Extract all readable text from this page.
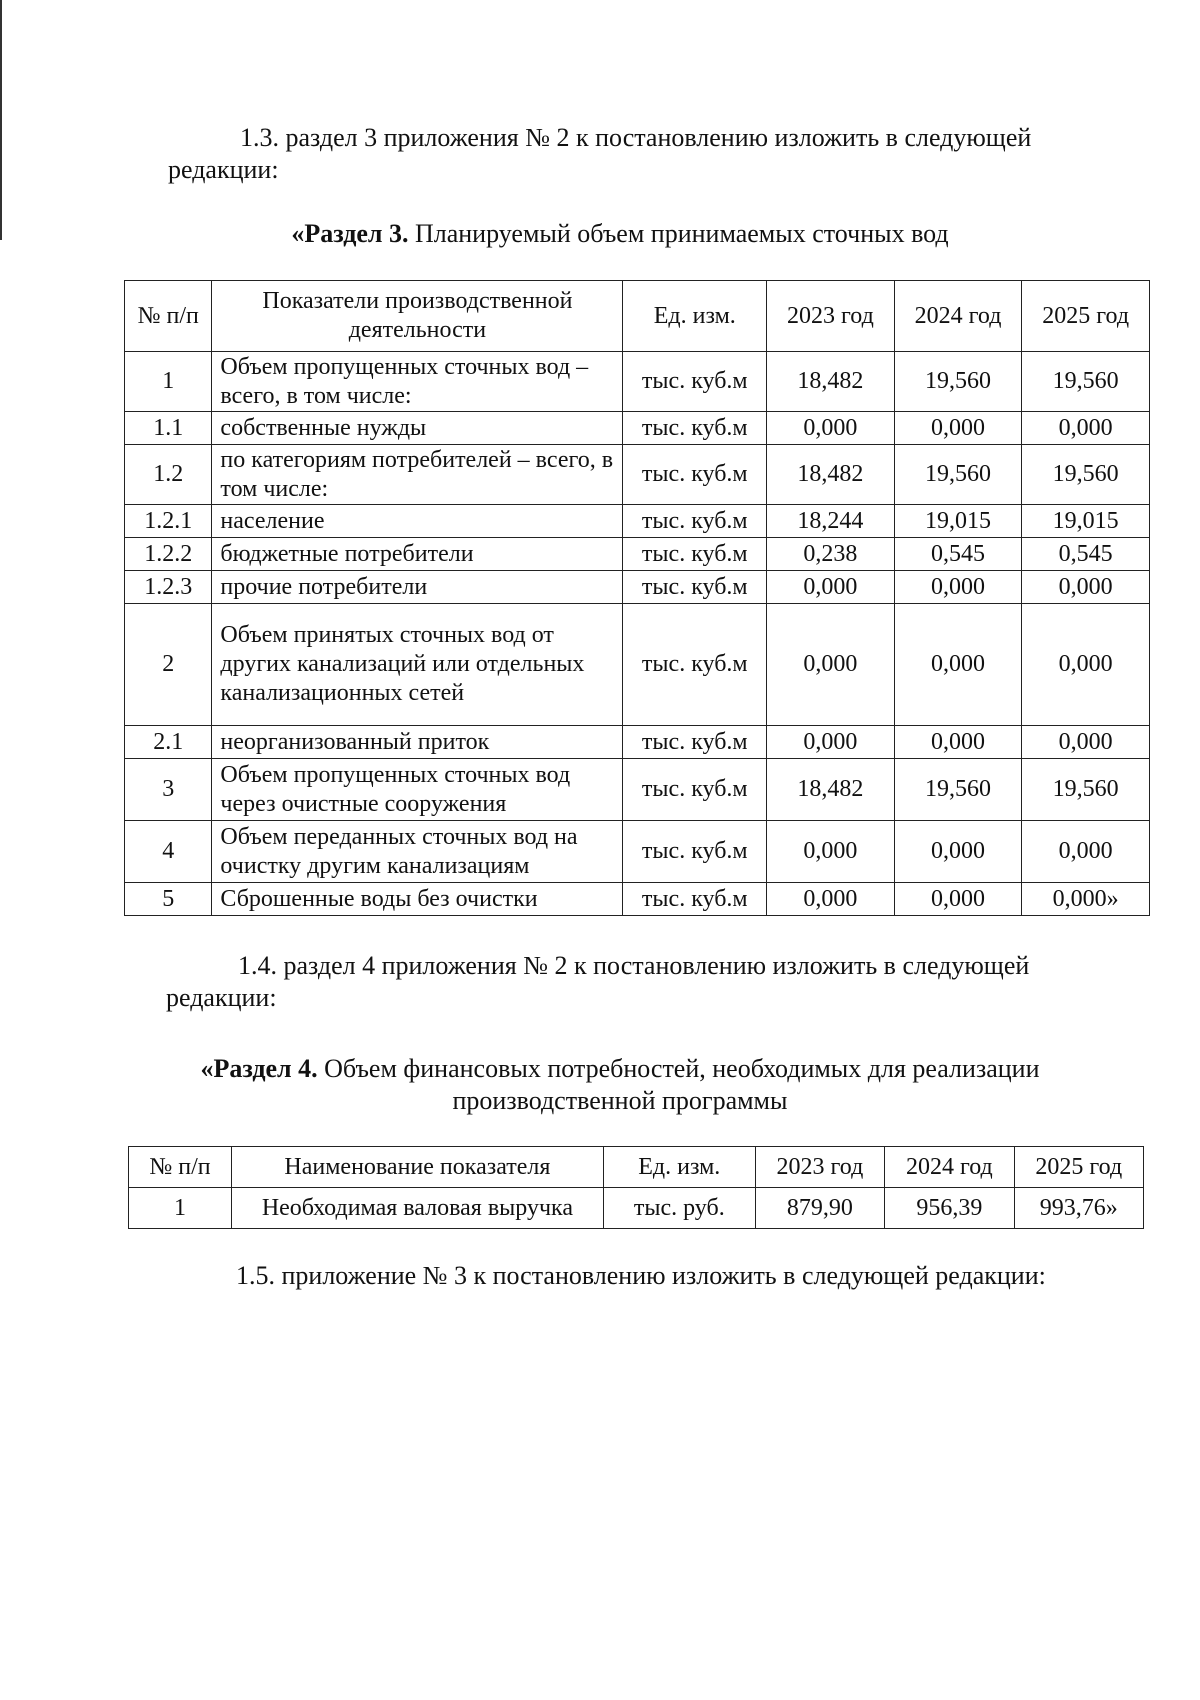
1.3. раздел 3 приложения № 2 к постановлению изложить в следующей редакции:

«Раздел 3. Планируемый объем принимаемых сточных вод

№ п/п	Показатели производственной деятельности	Ед. изм.	2023 год	2024 год	2025 год
1	Объем пропущенных сточных вод – всего, в том числе:	тыс. куб.м	18,482	19,560	19,560
1.1	собственные нужды	тыс. куб.м	0,000	0,000	0,000
1.2	по категориям потребителей – всего, в том числе:	тыс. куб.м	18,482	19,560	19,560
1.2.1	население	тыс. куб.м	18,244	19,015	19,015
1.2.2	бюджетные потребители	тыс. куб.м	0,238	0,545	0,545
1.2.3	прочие потребители	тыс. куб.м	0,000	0,000	0,000
2	Объем принятых сточных вод от других канализаций или отдельных канализационных сетей	тыс. куб.м	0,000	0,000	0,000
2.1	неорганизованный приток	тыс. куб.м	0,000	0,000	0,000
3	Объем пропущенных сточных вод через очистные сооружения	тыс. куб.м	18,482	19,560	19,560
4	Объем переданных сточных вод на очистку другим канализациям	тыс. куб.м	0,000	0,000	0,000
5	Сброшенные воды без очистки	тыс. куб.м	0,000	0,000	0,000»

1.4. раздел 4 приложения № 2 к постановлению изложить в следующей редакции:

«Раздел 4. Объем финансовых потребностей, необходимых для реализации производственной программы

№ п/п	Наименование показателя	Ед. изм.	2023 год	2024 год	2025 год
1	Необходимая валовая выручка	тыс. руб.	879,90	956,39	993,76»

1.5. приложение № 3 к постановлению изложить в следующей редакции:
